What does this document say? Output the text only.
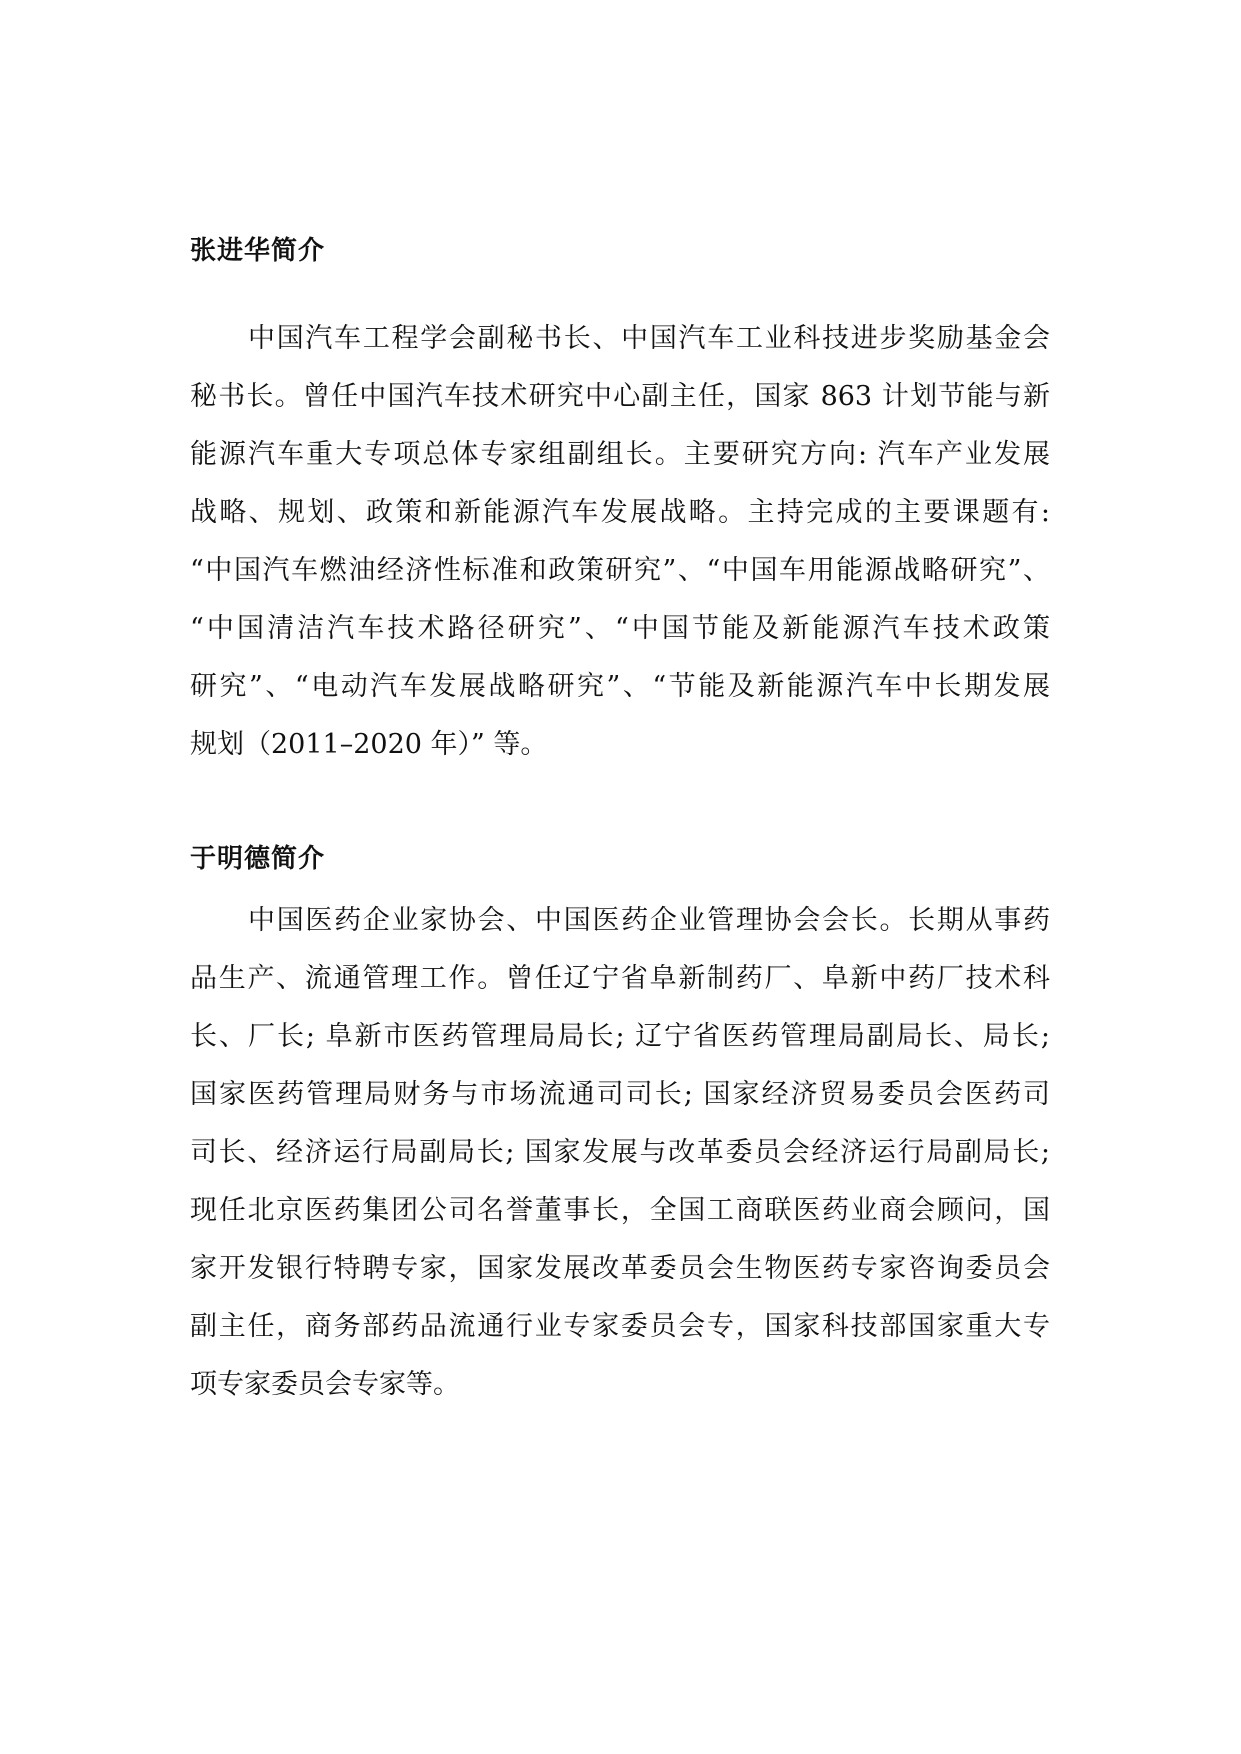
张进华简介
中国汽车工程学会副秘书长、中国汽车工业科技进步奖励基金会
秘书长。曾任中国汽车技术研究中心副主任，国家 863 计划节能与新
能源汽车重大专项总体专家组副组长。主要研究方向: 汽车产业发展
战略、规划、政策和新能源汽车发展战略。主持完成的主要课题有:
“中国汽车燃油经济性标准和政策研究”、“中国车用能源战略研究”、
“中国清洁汽车技术路径研究”、“中国节能及新能源汽车技术政策
研究”、“电动汽车发展战略研究”、“节能及新能源汽车中长期发展
规划（2011–2020 年）” 等。
于明德简介
中国医药企业家协会、中国医药企业管理协会会长。长期从事药
品生产、流通管理工作。曾任辽宁省阜新制药厂、阜新中药厂技术科
长、厂长; 阜新市医药管理局局长; 辽宁省医药管理局副局长、局长;
国家医药管理局财务与市场流通司司长; 国家经济贸易委员会医药司
司长、经济运行局副局长; 国家发展与改革委员会经济运行局副局长;
现任北京医药集团公司名誉董事长，全国工商联医药业商会顾问，国
家开发银行特聘专家，国家发展改革委员会生物医药专家咨询委员会
副主任，商务部药品流通行业专家委员会专，国家科技部国家重大专
项专家委员会专家等。
